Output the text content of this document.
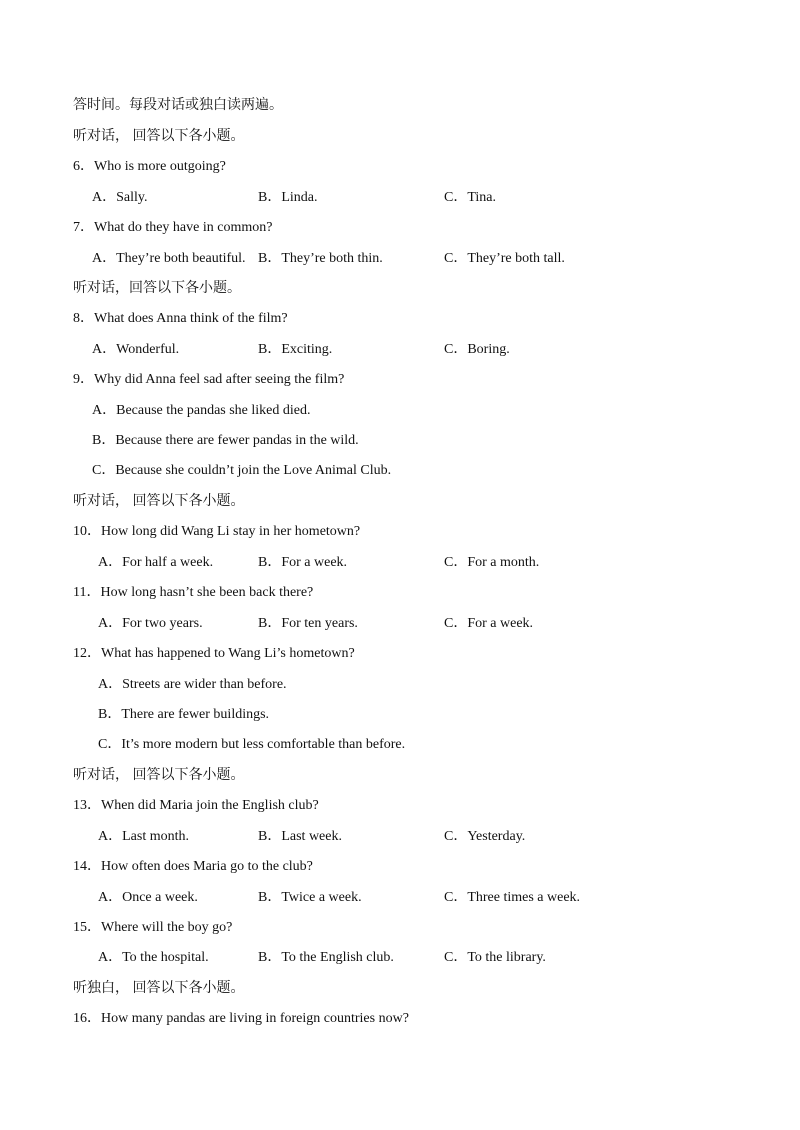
答时间。每段对话或独白读两遍。
听对话， 回答以下各小题。
6．Who is more outgoing?
A．Sally.	B．Linda.	C．Tina.
7．What do they have in common?
A．They’re both beautiful. B．They’re both thin.	C．They’re both tall.
听对话，回答以下各小题。
8．What does Anna think of the film?
A．Wonderful.	B．Exciting.	C．Boring.
9．Why did Anna feel sad after seeing the film?
A．Because the pandas she liked died.
B．Because there are fewer pandas in the wild.
C．Because she couldn’t join the Love Animal Club.
听对话， 回答以下各小题。
10．How long did Wang Li stay in her hometown?
A．For half a week.	B．For a week.	C．For a month.
11．How long hasn’t she been back there?
A．For two years.	B．For ten years.	C．For a week.
12．What has happened to Wang Li’s hometown?
A．Streets are wider than before.
B．There are fewer buildings.
C．It’s more modern but less comfortable than before.
听对话， 回答以下各小题。
13．When did Maria join the English club?
A．Last month.	B．Last week.	C．Yesterday.
14．How often does Maria go to the club?
A．Once a week.	B．Twice a week.	C．Three times a week.
15．Where will the boy go?
A．To the hospital.	B．To the English club.	C．To the library.
听独白， 回答以下各小题。
16．How many pandas are living in foreign countries now?
